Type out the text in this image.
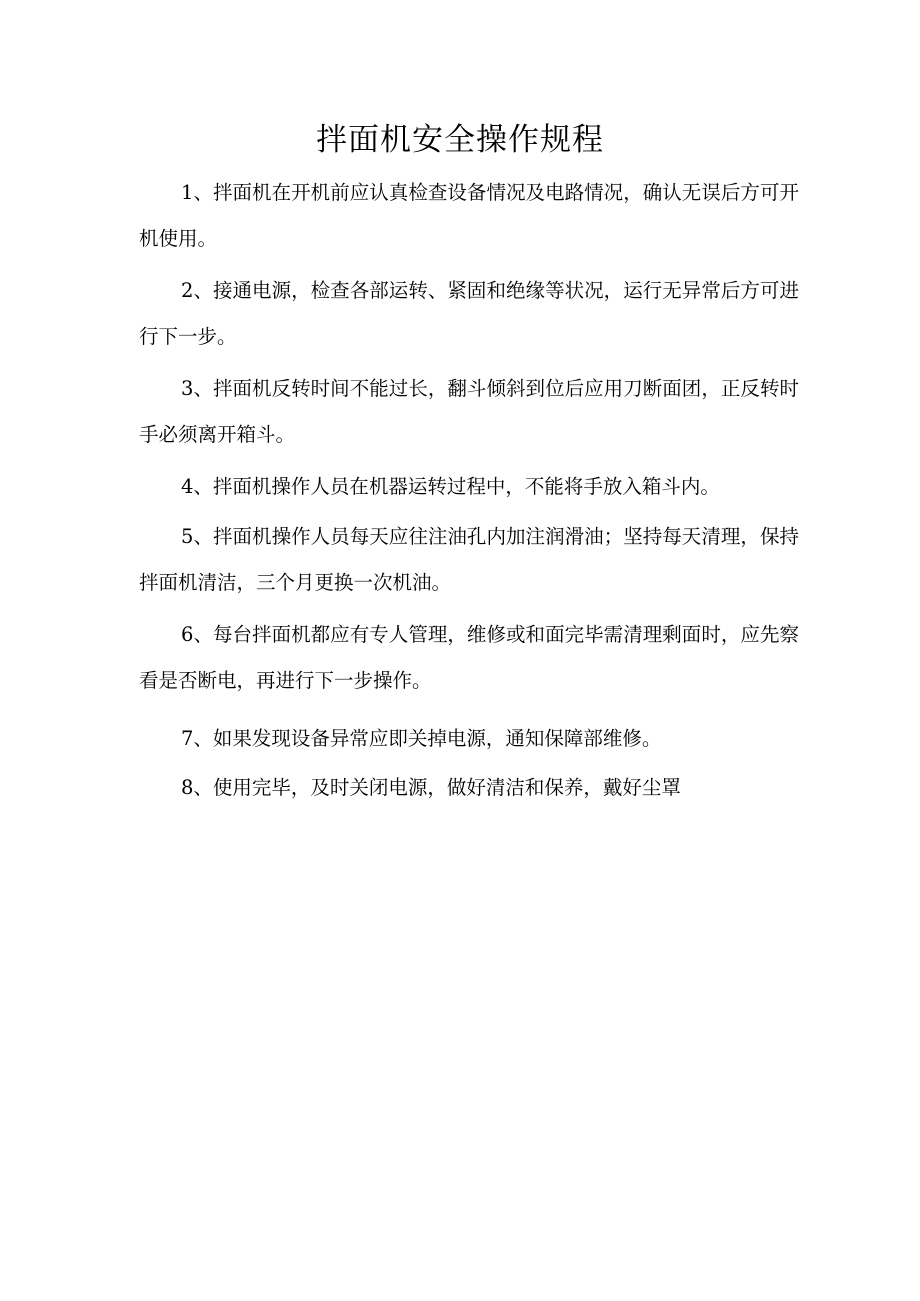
拌面机安全操作规程
1、拌面机在开机前应认真检查设备情况及电路情况，确认无误后方可开机使用。
2、接通电源，检查各部运转、紧固和绝缘等状况，运行无异常后方可进行下一步。
3、拌面机反转时间不能过长，翻斗倾斜到位后应用刀断面团，正反转时手必须离开箱斗。
4、拌面机操作人员在机器运转过程中，不能将手放入箱斗内。
5、拌面机操作人员每天应往注油孔内加注润滑油；坚持每天清理，保持拌面机清洁，三个月更换一次机油。
6、每台拌面机都应有专人管理，维修或和面完毕需清理剩面时，应先察看是否断电，再进行下一步操作。
7、如果发现设备异常应即关掉电源，通知保障部维修。
8、使用完毕，及时关闭电源，做好清洁和保养，戴好尘罩
